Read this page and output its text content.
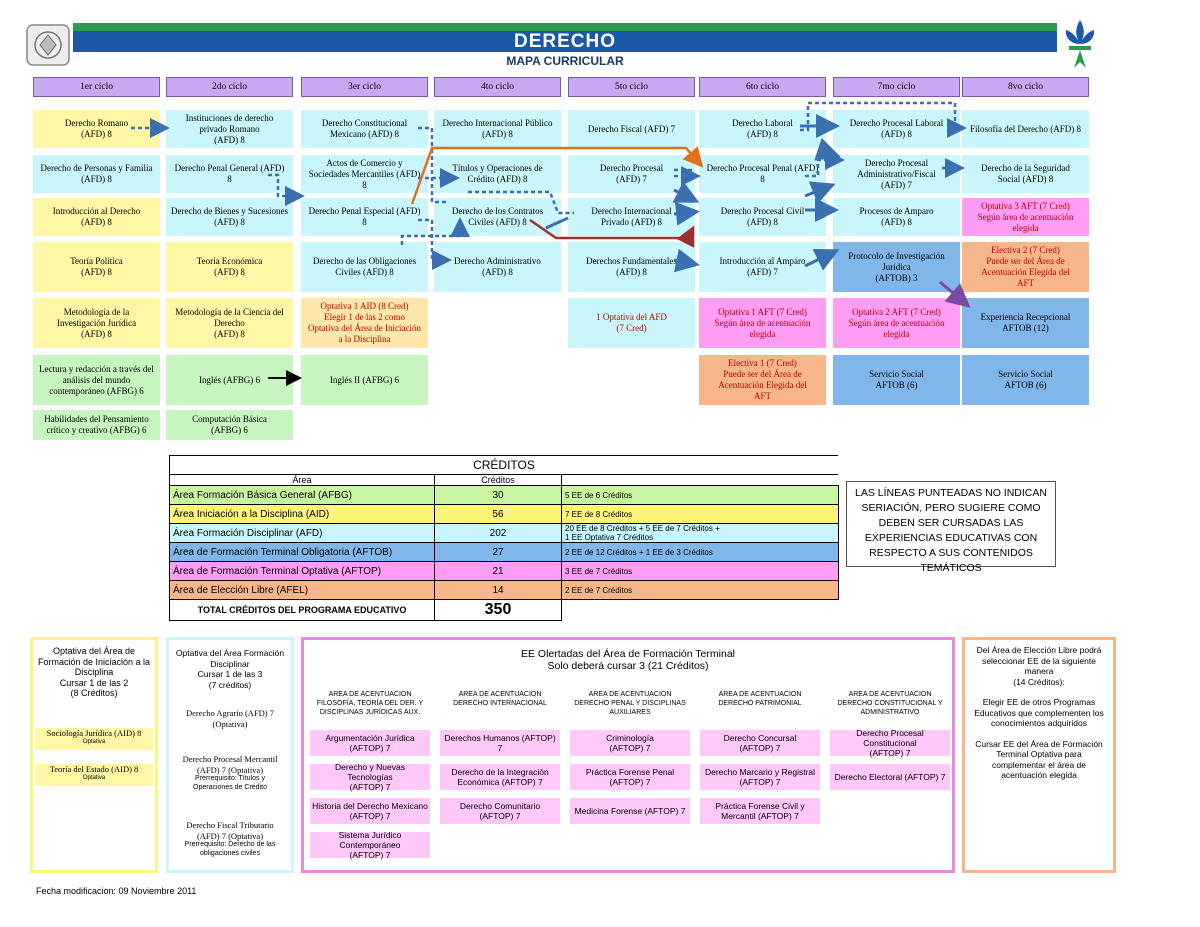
DERECHO
MAPA CURRICULAR
1er ciclo	2do ciclo	3er ciclo	4to ciclo	5to ciclo	6to ciclo	7mo ciclo	8vo ciclo
Derecho Romano
(AFD) 8
Derecho de Personas y Familia
(AFD) 8
Introducción al Derecho
(AFD) 8
Teoría Política
(AFD) 8
Metodología de la
Investigación Jurídica
(AFD) 8
Lectura y redacción a través del
análisis del mundo
contemporáneo (AFBG) 6
Habilidades del Pensamiento
crítico y creativo (AFBG) 6
Instituciones de derecho
privado Romano
(AFD) 8
Derecho Penal General (AFD)
8
Derecho de Bienes y Sucesiones
(AFD) 8
Teoría Económica
(AFD) 8
Metodología de la Ciencia del
Derecho
(AFD) 8
Inglés (AFBG) 6
Computación Básica
(AFBG) 6
Derecho Constitucional
Mexicano (AFD) 8
Actos de Comercio y
Sociedades Mercantiles (AFD)
8
Derecho Penal Especial (AFD)
8
Derecho de las Obligaciones
Civiles (AFD) 8
Optativa 1 AID (8 Cred)
Elegir 1 de las 2 como
Optativa del Área de Iniciación
a la Disciplina
Inglés II (AFBG) 6
Derecho Internacional Público
(AFD) 8
Títulos y Operaciones de
Crédito (AFD) 8
Derecho de los Contratos
Civiles (AFD) 8
Derecho Administrativo
(AFD) 8
Derecho Fiscal (AFD) 7
Derecho Procesal
(AFD) 7
Derecho Internacional
Privado (AFD) 8
Derechos Fundamentales
(AFD) 8
1 Optativa del AFD
(7 Cred)
Derecho Laboral
(AFD) 8
Derecho Procesal Penal (AFD)
8
Derecho Procesal Civil
(AFD) 8
Introducción al Amparo
(AFD) 7
Optativa 1 AFT (7 Cred)
Según área de acentuación
elegida
Electiva 1 (7 Cred)
Puede ser del Área de
Acentuación Elegida del
AFT
Derecho Procesal Laboral
(AFD) 8
Derecho Procesal
Administrativo/Fiscal
(AFD) 7
Procesos de Amparo
(AFD) 8
Protocolo de Investigación
Jurídica
(AFTOB) 3
Optativa 2 AFT (7 Cred)
Según área de acentuación
elegida
Servicio Social
AFTOB (6)
Filosofía del Derecho (AFD) 8
Derecho de la Seguridad
Social (AFD) 8
Optativa 3 AFT (7 Cred)
Según área de acentuación
elegida
Electiva 2 (7 Cred)
Puede ser del Área de
Acentuación Elegida del
AFT
Experiencia Recepcional
AFTOB (12)
Servicio Social
AFTOB (6)
CRÉDITOS			
Área	Créditos		
Área Formación Básica General (AFBG)	30	5 EE de 6 Créditos	
Área Iniciación a la Disciplina (AID)	56	7 EE de 8 Créditos	
Área Formación Disciplinar (AFD)	202	20 EE de 8 Créditos + 5 EE de 7 Créditos +
1 EE Optativa 7 Créditos	
Área de Formación Terminal Obligatoria (AFTOB)	27	2 EE de 12 Créditos + 1 EE de 3 Créditos	
Área de Formación Terminal Optativa (AFTOP)	21	3 EE de 7 Créditos	
Área de Elección Libre (AFEL)	14	2 EE de 7 Créditos	
TOTAL CRÉDITOS DEL PROGRAMA EDUCATIVO	350		
LAS LÍNEAS PUNTEADAS NO INDICAN SERIACIÓN, PERO SUGIERE COMO DEBEN SER CURSADAS LAS EXPERIENCIAS EDUCATIVAS CON RESPECTO A SUS CONTENIDOS TEMÁTICOS
Optativa del Área de
Formación de Iniciación a la
Disciplina
Cursar 1 de las 2
(8 Créditos)
Sociología Jurídica (AID) 8
Optativa
Teoría del Estado (AID) 8
Optativa
Optativa del Área Formación
Disciplinar
Cursar 1 de las 3
(7 créditos)
Derecho Agrario (AFD) 7
(Optativa)
Derecho Procesal Mercantil
(AFD) 7 (Optativa)
Prerrequisito: Títulos y
Operaciones de Crédito
Derecho Fiscal Tributario
(AFD) 7 (Optativa)
Prerrequisito: Derecho de las
obligaciones civiles
EE Olertadas del Área de Formación Terminal
Solo deberá cursar 3 (21 Créditos)
AREA DE ACENTUACION
FILOSOFÍA, TEORÍA DEL DER. Y
DISCIPLINAS JURÍDICAS AUX.
Argumentación Jurídica
(AFTOP) 7
Derecho y Nuevas Tecnologías
(AFTOP) 7
Historia del Derecho Mexicano
(AFTOP) 7
Sistema Jurídico Contemporáneo
(AFTOP) 7
AREA DE ACENTUACION
DERECHO INTERNACIONAL
Derechos Humanos (AFTOP) 7
Derecho de la Integración
Económica (AFTOP) 7
Derecho Comunitario
(AFTOP) 7
AREA DE ACENTUACION
DERECHO PENAL Y DISCIPLINAS
AUXILIARES
Criminología
(AFTOP) 7
Práctica Forense Penal
(AFTOP) 7
Medicina Forense (AFTOP) 7
AREA DE ACENTUACION
DERECHO PATRIMONIAL
Derecho Concursal
(AFTOP) 7
Derecho Marcario y Registral
(AFTOP) 7
Práctica Forense Civil y
Mercantil (AFTOP) 7
AREA DE ACENTUACION
DERECHO CONSTITUCIONAL Y
ADMINISTRATIVO
Derecho Procesal Constitucional
(AFTOP) 7
Derecho Electoral (AFTOP) 7
Del Área de Elección Libre podrá
seleccionar EE de la siguiente
manera
(14 Créditos):
Elegir EE de otros Programas
Educativos que complementen los
conocimientos adquiridos
Cursar EE del Área de Formación
Terminal Optativa para
complementar el área de
acentuación elegida
Fecha modificacion: 09 Noviembre 2011
